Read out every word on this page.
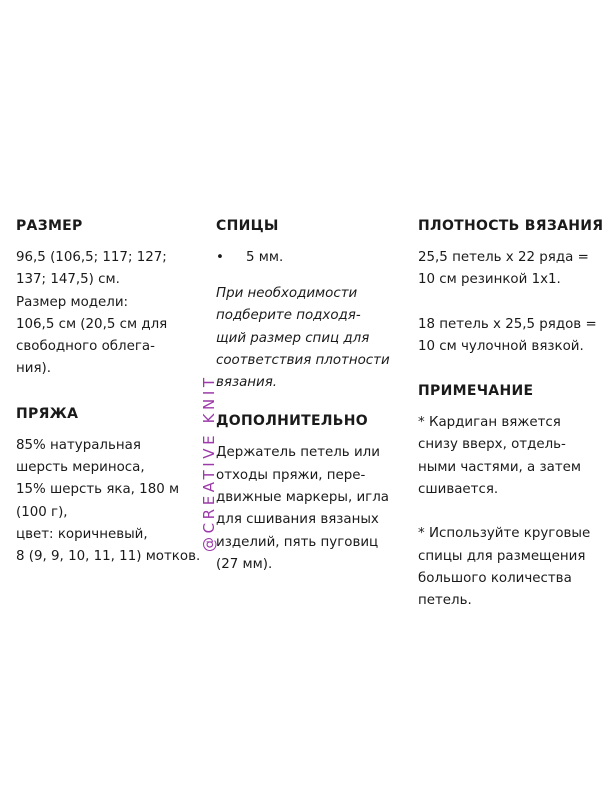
РАЗМЕР

96,5 (106,5; 117; 127;
137; 147,5) см.
Размер модели:
106,5 см (20,5 см для
свободного облега-
ния).

ПРЯЖА

85% натуральная
шерсть мериноса,
15% шерсть яка, 180 м
(100 г),
цвет: коричневый,
8 (9, 9, 10, 11, 11) мотков.

СПИЦЫ
• 5 мм.

При необходимости
подберите подходя-
щий размер спиц для
соответствия плотности
вязания.

ДОПОЛНИТЕЛЬНО

Держатель петель или
отходы пряжи, пере-
движные маркеры, игла
для сшивания вязаных
изделий, пять пуговиц
(27 мм).

ПЛОТНОСТЬ ВЯЗАНИЯ

25,5 петель x 22 ряда =
10 см резинкой 1x1.

18 петель x 25,5 рядов =
10 см чулочной вязкой.

ПРИМЕЧАНИЕ

* Кардиган вяжется
снизу вверх, отдель-
ными частями, а затем
сшивается.

* Используйте круговые
спицы для размещения
большого количества
петель.

@CREATIVE KNIT
